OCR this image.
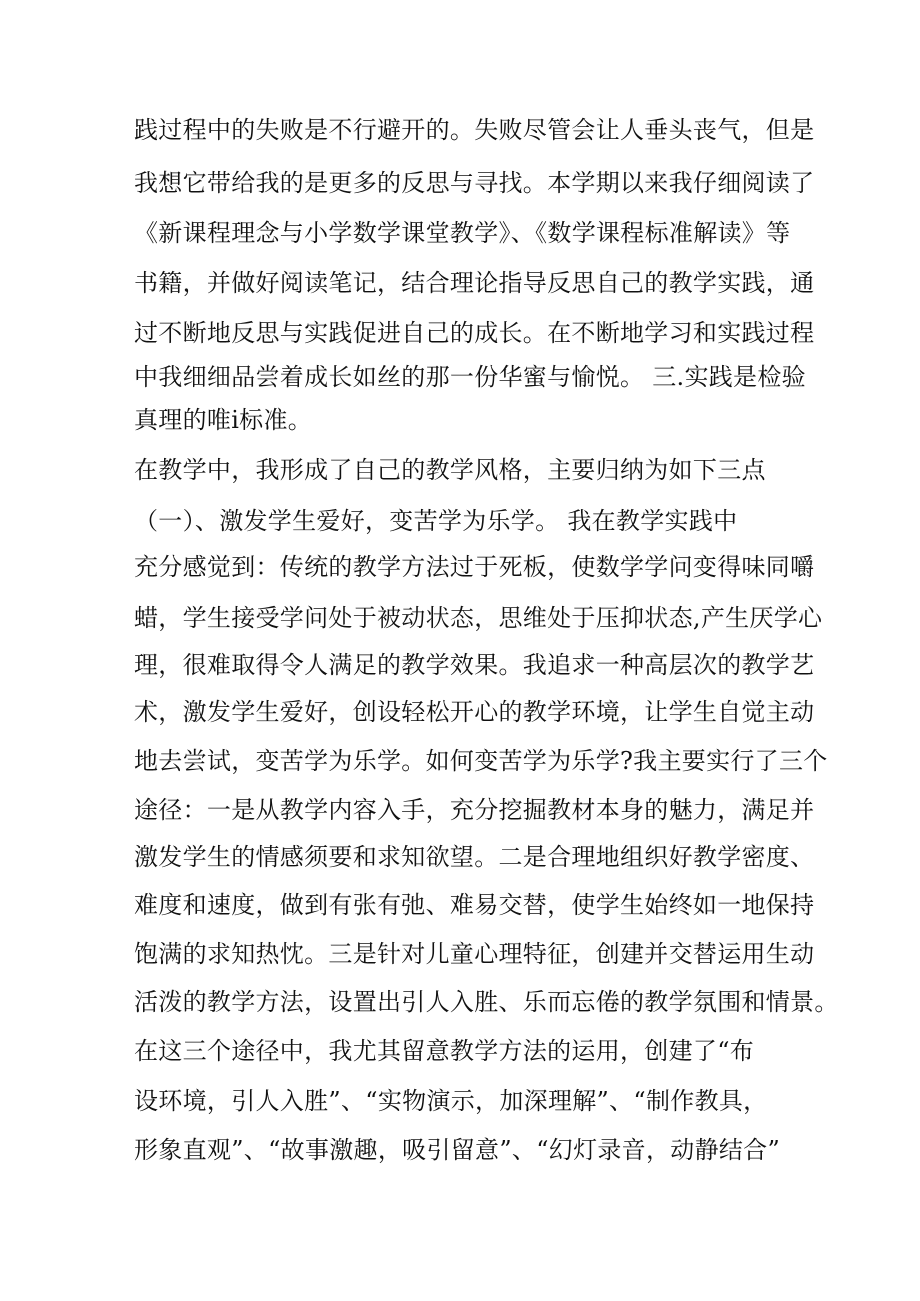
践过程中的失败是不行避开的。失败尽管会让人垂头丧气，但是
我想它带给我的是更多的反思与寻找。本学期以来我仔细阅读了
《新课程理念与小学数学课堂教学》、《数学课程标准解读》等
书籍，并做好阅读笔记，结合理论指导反思自己的教学实践，通
过不断地反思与实践促进自己的成长。在不断地学习和实践过程
中我细细品尝着成长如丝的那一份华蜜与愉悦。 三.实践是检验
真理的唯i标准。
在教学中，我形成了自己的教学风格，主要归纳为如下三点
（一）、激发学生爱好，变苦学为乐学。 我在教学实践中
充分感觉到：传统的教学方法过于死板，使数学学问变得味同嚼
蜡，学生接受学问处于被动状态，思维处于压抑状态,产生厌学心
理，很难取得令人满足的教学效果。我追求一种高层次的教学艺
术，激发学生爱好，创设轻松开心的教学环境，让学生自觉主动
地去尝试，变苦学为乐学。如何变苦学为乐学?我主要实行了三个
途径：一是从教学内容入手，充分挖掘教材本身的魅力，满足并
激发学生的情感须要和求知欲望。二是合理地组织好教学密度、
难度和速度，做到有张有弛、难易交替，使学生始终如一地保持
饱满的求知热忱。三是针对儿童心理特征，创建并交替运用生动
活泼的教学方法，设置出引人入胜、乐而忘倦的教学氛围和情景。
在这三个途径中，我尤其留意教学方法的运用，创建了“布
设环境，引人入胜”、“实物演示，加深理解”、“制作教具，
形象直观”、“故事激趣，吸引留意”、“幻灯录音，动静结合”
